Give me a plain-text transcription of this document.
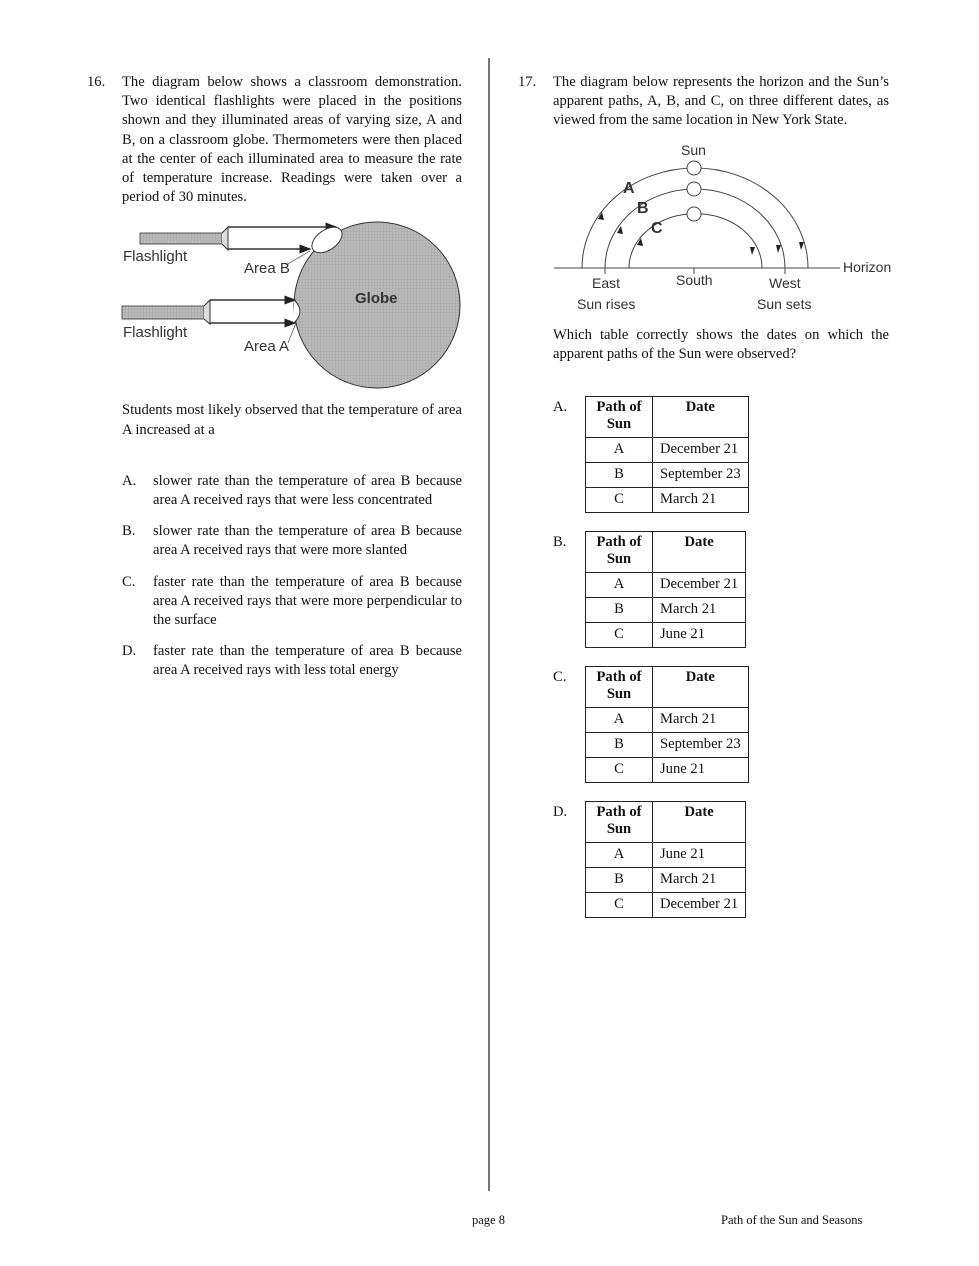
16.	The diagram below shows a classroom demonstration. Two identical flashlights were placed in the positions shown and they illuminated areas of varying size, A and B, on a classroom globe. Thermometers were then placed at the center of each illuminated area to measure the rate of temperature increase. Readings were taken over a period of 30 minutes.
Flashlight
Flashlight
Area B
Area A
Globe
Students most likely observed that the temperature of area A increased at a
A.	slower rate than the temperature of area B because area A received rays that were less concentrated
B.	slower rate than the temperature of area B because area A received rays that were more slanted
C.	faster rate than the temperature of area B because area A received rays that were more perpendicular to the surface
D.	faster rate than the temperature of area B because area A received rays with less total energy
17.	The diagram below represents the horizon and the Sun’s apparent paths, A, B, and C, on three different dates, as viewed from the same location in New York State.
Sun
A
B
C
Horizon
East	South	West
Sun rises	Sun sets
Which table correctly shows the dates on which the apparent paths of the Sun were observed?
A.	Path of Sun	Date
A	December 21
B	September 23
C	March 21
B.	Path of Sun	Date
A	December 21
B	March 21
C	June 21
C.	Path of Sun	Date
A	March 21
B	September 23
C	June 21
D.	Path of Sun	Date
A	June 21
B	March 21
C	December 21
page 8	Path of the Sun and Seasons
